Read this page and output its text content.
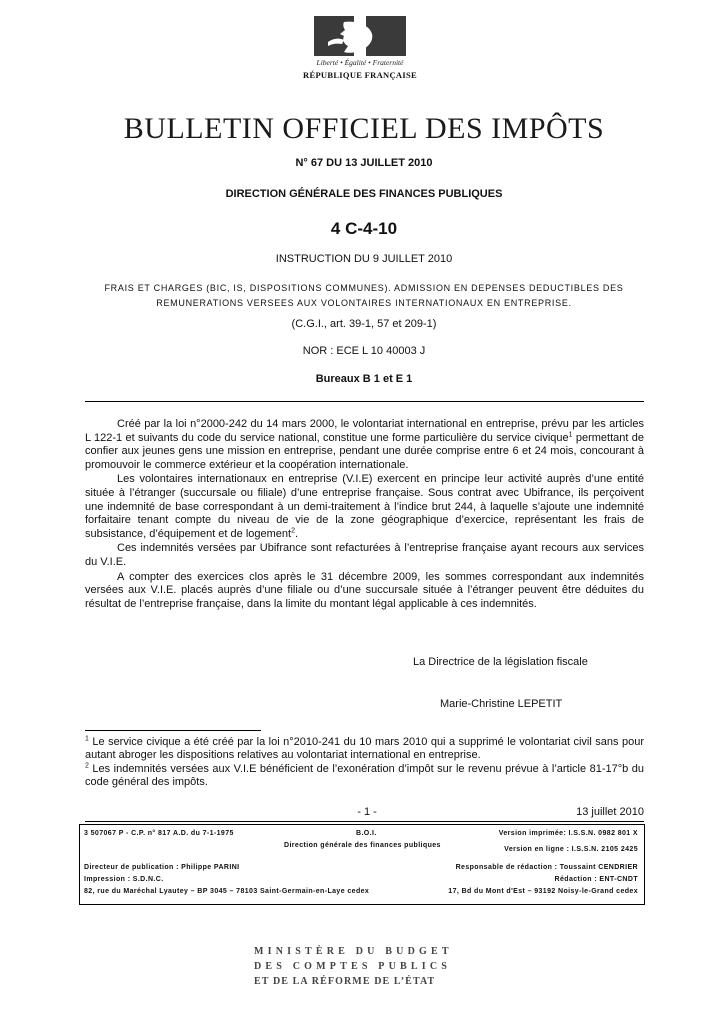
Liberté • Égalité • Fraternité
RÉPUBLIQUE FRANÇAISE
BULLETIN OFFICIEL DES IMPÔTS
N° 67 DU 13 JUILLET 2010
DIRECTION GÉNÉRALE DES FINANCES PUBLIQUES
4 C-4-10
INSTRUCTION DU 9 JUILLET 2010
FRAIS ET CHARGES (BIC, IS, DISPOSITIONS COMMUNES). ADMISSION EN DEPENSES DEDUCTIBLES DES
REMUNERATIONS VERSEES AUX VOLONTAIRES INTERNATIONAUX EN ENTREPRISE.
(C.G.I., art. 39-1, 57 et 209-1)
NOR : ECE L 10 40003 J
Bureaux B 1 et E 1

Créé par la loi n°2000-242 du 14 mars 2000, le volontariat international en entreprise, prévu par les articles L 122-1 et suivants du code du service national, constitue une forme particulière du service civique$^1$ permettant de confier aux jeunes gens une mission en entreprise, pendant une durée comprise entre 6 et 24 mois, concourant à promouvoir le commerce extérieur et la coopération internationale.

Les volontaires internationaux en entreprise (V.I.E) exercent en principe leur activité auprès d’une entité située à l’étranger (succursale ou filiale) d’une entreprise française. Sous contrat avec Ubifrance, ils perçoivent une indemnité de base correspondant à un demi-traitement à l’indice brut 244, à laquelle s’ajoute une indemnité forfaitaire tenant compte du niveau de vie de la zone géographique d’exercice, représentant les frais de subsistance, d’équipement et de logement$^2$.

Ces indemnités versées par Ubifrance sont refacturées à l’entreprise française ayant recours aux services du V.I.E.

A compter des exercices clos après le 31 décembre 2009, les sommes correspondant aux indemnités versées aux V.I.E. placés auprès d’une filiale ou d’une succursale située à l’étranger peuvent être déduites du résultat de l’entreprise française, dans la limite du montant légal applicable à ces indemnités.

La Directrice de la législation fiscale
Marie-Christine LEPETIT
$^1$ Le service civique a été créé par la loi n°2010-241 du 10 mars 2010 qui a supprimé le volontariat civil sans pour autant abroger les dispositions relatives au volontariat international en entreprise.
$^2$ Les indemnités versées aux V.I.E bénéficient de l’exonération d’impôt sur le revenu prévue à l’article 81-17°b du code général des impôts.
- 1 -	13 juillet 2010
3 507067 P - C.P. n° 817 A.D. du 7-1-1975	B.O.I.
Direction générale des finances publiques
Version imprimée: I.S.S.N. 0982 801 X
Version en ligne : I.S.S.N. 2105 2425
Directeur de publication : Philippe PARINI	Responsable de rédaction : Toussaint CENDRIER
Impression : S.D.N.C.	Rédaction : ENT-CNDT
82, rue du Maréchal Lyautey – BP 3045 – 78103 Saint-Germain-en-Laye cedex	17, Bd du Mont d'Est – 93192 Noisy-le-Grand cedex
MINISTÈRE DU BUDGET
DES COMPTES PUBLICS
ET DE LA RÉFORME DE L’ÉTAT
